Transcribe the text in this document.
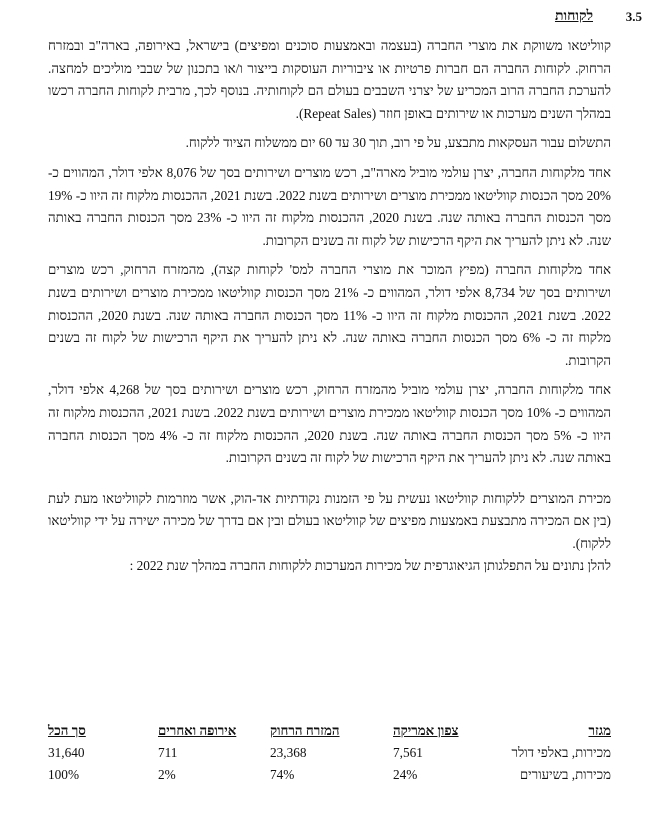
3.5
לקוחות

קווליטאו משווקת את מוצרי החברה (בעצמה ובאמצעות סוכנים ומפיצים) בישראל, באירופה, בארה"ב ובמזרח הרחוק. לקוחות החברה הם חברות פרטיות או ציבוריות העוסקות בייצור ו/או בתכנון של שבבי מוליכים למחצה. להערכת החברה הרוב המכריע של יצרני השבבים בעולם הם לקוחותיה. בנוסף לכך, מרבית לקוחות החברה רכשו במהלך השנים מערכות או שירותים באופן חוזר (Repeat Sales).

התשלום עבור העסקאות מתבצע, על פי רוב, תוך 30 עד 60 יום ממשלוח הציוד ללקוח.

אחד מלקוחות החברה, יצרן עולמי מוביל מארה"ב, רכש מוצרים ושירותים בסך של 8,076 אלפי דולר, המהווים כ- 20% מסך הכנסות קווליטאו ממכירת מוצרים ושירותים בשנת 2022. בשנת 2021, ההכנסות מלקוח זה היוו כ- 19% מסך הכנסות החברה באותה שנה. בשנת 2020, ההכנסות מלקוח זה היוו כ- 23% מסך הכנסות החברה באותה שנה. לא ניתן להעריך את היקף הרכישות של לקוח זה בשנים הקרובות.

אחד מלקוחות החברה (מפיץ המוכר את מוצרי החברה למס' לקוחות קצה), מהמזרח הרחוק, רכש מוצרים ושירותים בסך של 8,734 אלפי דולר, המהווים כ- 21% מסך הכנסות קווליטאו ממכירת מוצרים ושירותים בשנת 2022. בשנת 2021, ההכנסות מלקוח זה היוו כ- 11% מסך הכנסות החברה באותה שנה. בשנת 2020, ההכנסות מלקוח זה כ- 6% מסך הכנסות החברה באותה שנה. לא ניתן להעריך את היקף הרכישות של לקוח זה בשנים הקרובות.

אחד מלקוחות החברה, יצרן עולמי מוביל מהמזרח הרחוק, רכש מוצרים ושירותים בסך של 4,268 אלפי דולר, המהווים כ- 10% מסך הכנסות קווליטאו ממכירת מוצרים ושירותים בשנת 2022. בשנת 2021, ההכנסות מלקוח זה היוו כ- 5% מסך הכנסות החברה באותה שנה. בשנת 2020, ההכנסות מלקוח זה כ- 4% מסך הכנסות החברה באותה שנה. לא ניתן להעריך את היקף הרכישות של לקוח זה בשנים הקרובות.

מכירת המוצרים ללקוחות קווליטאו נעשית על פי הזמנות נקודתיות אד-הוק, אשר מוזרמות לקווליטאו מעת לעת (בין אם המכירה מתבצעת באמצעות מפיצים של קווליטאו בעולם ובין אם בדרך של מכירה ישירה על ידי קווליטאו ללקוח).

להלן נתונים על התפלגותן הגיאוגרפית של מכירות המערכות ללקוחות החברה במהלך שנת 2022 :

מגזר
צפון אמריקה
המזרח הרחוק
אירופה ואחרים
סך הכל
מכירות, באלפי דולר
7,561
23,368
711
31,640
מכירות, בשיעורים
24%
74%
2%
100%
